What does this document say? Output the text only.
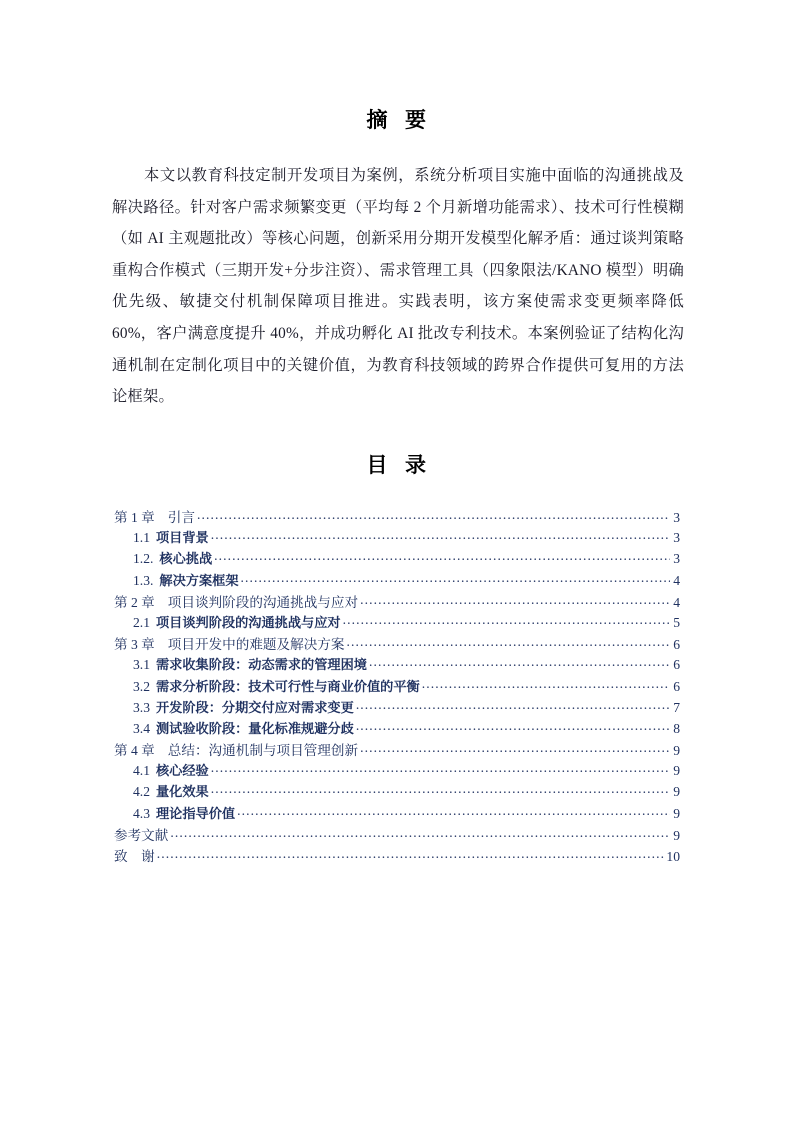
摘 要
本文以教育科技定制开发项目为案例，系统分析项目实施中面临的沟通挑战及解决路径。针对客户需求频繁变更（平均每 2 个月新增功能需求）、技术可行性模糊（如 AI 主观题批改）等核心问题，创新采用分期开发模型化解矛盾：通过谈判策略重构合作模式（三期开发+分步注资）、需求管理工具（四象限法/KANO 模型）明确优先级、敏捷交付机制保障项目推进。实践表明，该方案使需求变更频率降低 60%，客户满意度提升 40%，并成功孵化 AI 批改专利技术。本案例验证了结构化沟通机制在定制化项目中的关键价值，为教育科技领域的跨界合作提供可复用的方法论框架。
目 录
第 1 章 引言 .....	3
1.1 项目背景 .....	3
1.2. 核心挑战 .....	3
1.3. 解决方案框架 .....	4
第 2 章 项目谈判阶段的沟通挑战与应对 .....	4
2.1 项目谈判阶段的沟通挑战与应对 .....	5
第 3 章 项目开发中的难题及解决方案 .....	6
3.1 需求收集阶段：动态需求的管理困境 .....	6
3.2 需求分析阶段：技术可行性与商业价值的平衡 .....	6
3.3 开发阶段：分期交付应对需求变更 .....	7
3.4 测试验收阶段：量化标准规避分歧 .....	8
第 4 章 总结：沟通机制与项目管理创新 .....	9
4.1 核心经验 .....	9
4.2 量化效果 .....	9
4.3 理论指导价值 .....	9
参考文献 .....	9
致　谢 .....	10
